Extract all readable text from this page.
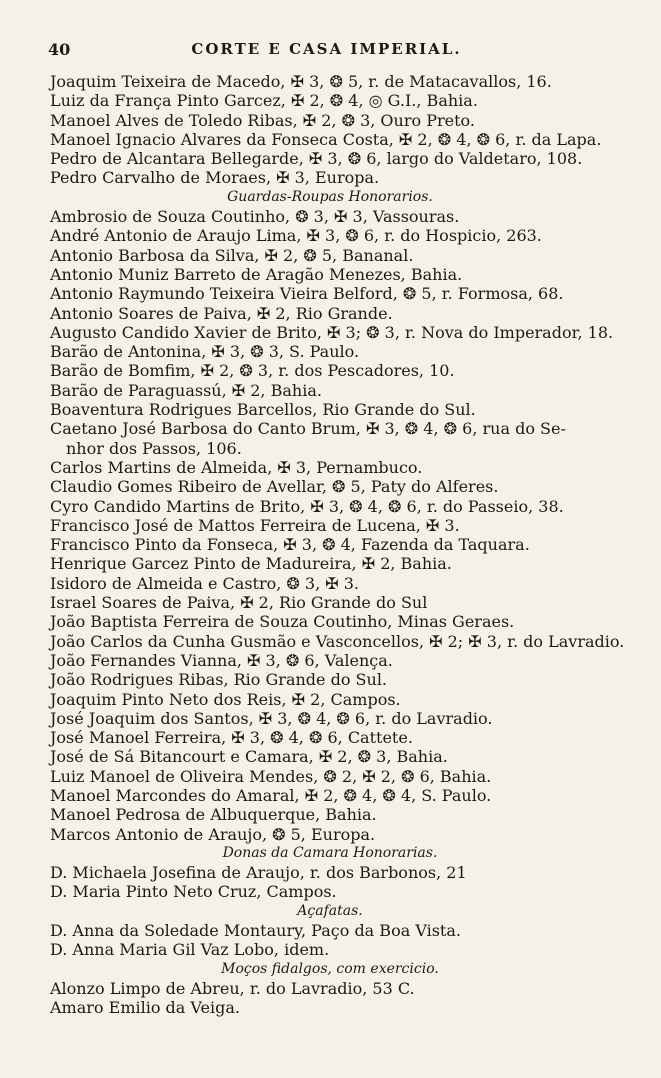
40	CORTE E CASA IMPERIAL.
Joaquim Teixeira de Macedo, ✠ 3, ❂ 5, r. de Matacavallos, 16.
Luiz da França Pinto Garcez, ✠ 2, ❂ 4, ◎ G.I., Bahia.
Manoel Alves de Toledo Ribas, ✠ 2, ❂ 3, Ouro Preto.
Manoel Ignacio Alvares da Fonseca Costa, ✠ 2, ❂ 4, ❂ 6, r. da Lapa.
Pedro de Alcantara Bellegarde, ✠ 3, ❂ 6, largo do Valdetaro, 108.
Pedro Carvalho de Moraes, ✠ 3, Europa.
Guardas-Roupas Honorarios.
Ambrosio de Souza Coutinho, ❂ 3, ✠ 3, Vassouras.
André Antonio de Araujo Lima, ✠ 3, ❂ 6, r. do Hospicio, 263.
Antonio Barbosa da Silva, ✠ 2, ❂ 5, Bananal.
Antonio Muniz Barreto de Aragão Menezes, Bahia.
Antonio Raymundo Teixeira Vieira Belford, ❂ 5, r. Formosa, 68.
Antonio Soares de Paiva, ✠ 2, Rio Grande.
Augusto Candido Xavier de Brito, ✠ 3; ❂ 3, r. Nova do Imperador, 18.
Barão de Antonina, ✠ 3, ❂ 3, S. Paulo.
Barão de Bomfim, ✠ 2, ❂ 3, r. dos Pescadores, 10.
Barão de Paraguassú, ✠ 2, Bahia.
Boaventura Rodrigues Barcellos, Rio Grande do Sul.
Caetano José Barbosa do Canto Brum, ✠ 3, ❂ 4, ❂ 6, rua do Se-
nhor dos Passos, 106.
Carlos Martins de Almeida, ✠ 3, Pernambuco.
Claudio Gomes Ribeiro de Avellar, ❂ 5, Paty do Alferes.
Cyro Candido Martins de Brito, ✠ 3, ❂ 4, ❂ 6, r. do Passeio, 38.
Francisco José de Mattos Ferreira de Lucena, ✠ 3.
Francisco Pinto da Fonseca, ✠ 3, ❂ 4, Fazenda da Taquara.
Henrique Garcez Pinto de Madureira, ✠ 2, Bahia.
Isidoro de Almeida e Castro, ❂ 3, ✠ 3.
Israel Soares de Paiva, ✠ 2, Rio Grande do Sul
João Baptista Ferreira de Souza Coutinho, Minas Geraes.
João Carlos da Cunha Gusmão e Vasconcellos, ✠ 2; ✠ 3, r. do Lavradio.
João Fernandes Vianna, ✠ 3, ❂ 6, Valença.
João Rodrigues Ribas, Rio Grande do Sul.
Joaquim Pinto Neto dos Reis, ✠ 2, Campos.
José Joaquim dos Santos, ✠ 3, ❂ 4, ❂ 6, r. do Lavradio.
José Manoel Ferreira, ✠ 3, ❂ 4, ❂ 6, Cattete.
José de Sá Bitancourt e Camara, ✠ 2, ❂ 3, Bahia.
Luiz Manoel de Oliveira Mendes, ❂ 2, ✠ 2, ❂ 6, Bahia.
Manoel Marcondes do Amaral, ✠ 2, ❂ 4, ❂ 4, S. Paulo.
Manoel Pedrosa de Albuquerque, Bahia.
Marcos Antonio de Araujo, ❂ 5, Europa.
Donas da Camara Honorarias.
D. Michaela Josefina de Araujo, r. dos Barbonos, 21
D. Maria Pinto Neto Cruz, Campos.
Açafatas.
D. Anna da Soledade Montaury, Paço da Boa Vista.
D. Anna Maria Gil Vaz Lobo, idem.
Moços fidalgos, com exercicio.
Alonzo Limpo de Abreu, r. do Lavradio, 53 C.
Amaro Emilio da Veiga.
